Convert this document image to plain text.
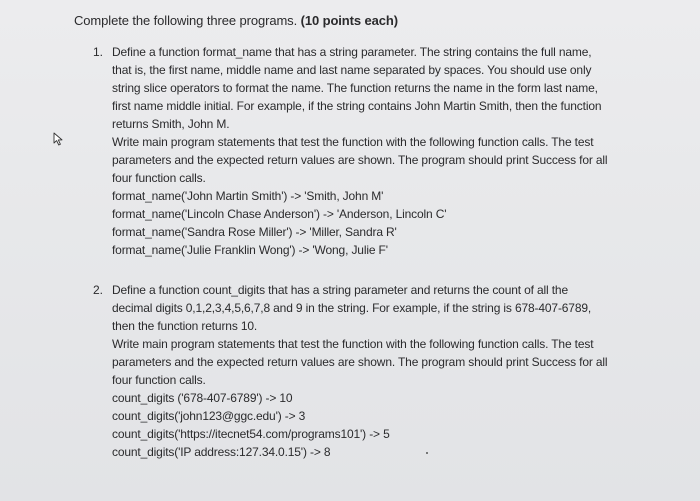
Complete the following three programs. (10 points each)
1. Define a function format_name that has a string parameter. The string contains the full name,
that is, the first name, middle name and last name separated by spaces. You should use only
string slice operators to format the name. The function returns the name in the form last name,
first name middle initial. For example, if the string contains John Martin Smith, then the function
returns Smith, John M.
Write main program statements that test the function with the following function calls. The test
parameters and the expected return values are shown. The program should print Success for all
four function calls.
format_name('John Martin Smith') -> 'Smith, John M'
format_name('Lincoln Chase Anderson') -> 'Anderson, Lincoln C'
format_name('Sandra Rose Miller') -> 'Miller, Sandra R'
format_name('Julie Franklin Wong') -> 'Wong, Julie F'
2. Define a function count_digits that has a string parameter and returns the count of all the
decimal digits 0,1,2,3,4,5,6,7,8 and 9 in the string. For example, if the string is 678-407-6789,
then the function returns 10.
Write main program statements that test the function with the following function calls. The test
parameters and the expected return values are shown. The program should print Success for all
four function calls.
count_digits ('678-407-6789') -> 10
count_digits('john123@ggc.edu') -> 3
count_digits('https://itecnet54.com/programs101') -> 5
count_digits('IP address:127.34.0.15') -> 8
